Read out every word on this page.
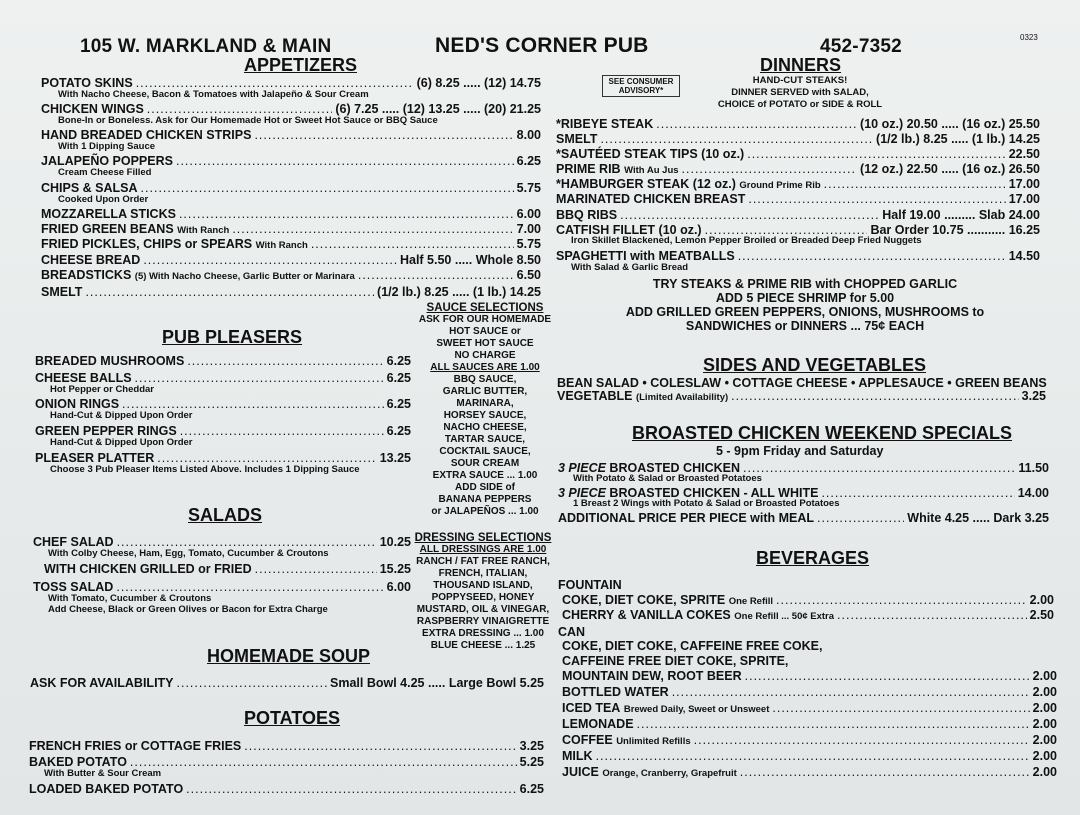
105 W. MARKLAND & MAIN	NED'S CORNER PUB	452-7352	0323
APPETIZERS
POTATO SKINS .....	(6) 8.25 ..... (12) 14.75
With Nacho Cheese, Bacon & Tomatoes with Jalapeño & Sour Cream
CHICKEN WINGS .....	(6) 7.25 ..... (12) 13.25 ..... (20) 21.25
Bone-In or Boneless. Ask for Our Homemade Hot or Sweet Hot Sauce or BBQ Sauce
HAND BREADED CHICKEN STRIPS .....	8.00
With 1 Dipping Sauce
JALAPEÑO POPPERS .....	6.25
Cream Cheese Filled
CHIPS & SALSA .....	5.75
Cooked Upon Order
MOZZARELLA STICKS .....	6.00
FRIED GREEN BEANS
With Ranch .....	7.00
FRIED PICKLES, CHIPS or SPEARS
With Ranch .....	5.75
CHEESE BREAD .....	Half 5.50 ..... Whole 8.50
BREADSTICKS
(5) With Nacho Cheese, Garlic Butter or Marinara .....	6.50
SMELT .....	(1/2 lb.) 8.25 ..... (1 lb.) 14.25
PUB PLEASERS
BREADED MUSHROOMS .....	6.25
CHEESE BALLS .....	6.25
Hot Pepper or Cheddar
ONION RINGS .....	6.25
Hand-Cut & Dipped Upon Order
GREEN PEPPER RINGS .....	6.25
Hand-Cut & Dipped Upon Order
PLEASER PLATTER .....	13.25
Choose 3 Pub Pleaser Items Listed Above. Includes 1 Dipping Sauce
SALADS
CHEF SALAD .....	10.25
With Colby Cheese, Ham, Egg, Tomato, Cucumber & Croutons
WITH CHICKEN GRILLED or FRIED .....	15.25
TOSS SALAD .....	6.00
With Tomato, Cucumber & Croutons
Add Cheese, Black or Green Olives or Bacon for Extra Charge
HOMEMADE SOUP
ASK FOR AVAILABILITY .....	Small Bowl 4.25 ..... Large Bowl 5.25
POTATOES
FRENCH FRIES or COTTAGE FRIES .....	3.25
BAKED POTATO .....	5.25
With Butter & Sour Cream
LOADED BAKED POTATO .....	6.25
SAUCE SELECTIONS
ASK FOR OUR HOMEMADE
HOT SAUCE or
SWEET HOT SAUCE
NO CHARGE
ALL SAUCES ARE 1.00
BBQ SAUCE,
GARLIC BUTTER,
MARINARA,
HORSEY SAUCE,
NACHO CHEESE,
TARTAR SAUCE,
COCKTAIL SAUCE,
SOUR CREAM
EXTRA SAUCE ... 1.00
ADD SIDE of
BANANA PEPPERS
or JALAPEÑOS ... 1.00
DRESSING SELECTIONS
ALL DRESSINGS ARE 1.00
RANCH / FAT FREE RANCH,
FRENCH, ITALIAN,
THOUSAND ISLAND,
POPPYSEED, HONEY
MUSTARD, OIL & VINEGAR,
RASPBERRY VINAIGRETTE
EXTRA DRESSING ... 1.00
BLUE CHEESE ... 1.25
DINNERS
SEE CONSUMER ADVISORY*
HAND-CUT STEAKS!
DINNER SERVED with SALAD,
CHOICE of POTATO or SIDE & ROLL
*RIBEYE STEAK .....	(10 oz.) 20.50 ..... (16 oz.) 25.50
SMELT .....	(1/2 lb.) 8.25 ..... (1 lb.) 14.25
*SAUTÉED STEAK TIPS (10 oz.) .....	22.50
PRIME RIB
With Au Jus .....	(12 oz.) 22.50 ..... (16 oz.) 26.50
*HAMBURGER STEAK (12 oz.)
Ground Prime Rib .....	17.00
MARINATED CHICKEN BREAST .....	17.00
BBQ RIBS .....	Half 19.00 ......... Slab 24.00
CATFISH FILLET (10 oz.) .....	Bar Order 10.75 ........... 16.25
Iron Skillet Blackened, Lemon Pepper Broiled or Breaded Deep Fried Nuggets
SPAGHETTI with MEATBALLS .....	14.50
With Salad & Garlic Bread
TRY STEAKS & PRIME RIB with CHOPPED GARLIC
ADD 5 PIECE SHRIMP for 5.00
ADD GRILLED GREEN PEPPERS, ONIONS, MUSHROOMS to
SANDWICHES or DINNERS ... 75¢ EACH
SIDES AND VEGETABLES
BEAN SALAD • COLESLAW • COTTAGE CHEESE • APPLESAUCE • GREEN BEANS
VEGETABLE
(Limited Availability) .....	3.25
BROASTED CHICKEN WEEKEND SPECIALS
5 - 9pm Friday and Saturday
3 PIECE
BROASTED CHICKEN .....	11.50
With Potato & Salad or Broasted Potatoes
3 PIECE
BROASTED CHICKEN - ALL WHITE .....	14.00
1 Breast 2 Wings with Potato & Salad or Broasted Potatoes
ADDITIONAL PRICE PER PIECE with MEAL .....	White 4.25 ..... Dark 3.25
BEVERAGES
FOUNTAIN
COKE, DIET COKE, SPRITE
One Refill .....	2.00
CHERRY & VANILLA COKES
One Refill ... 50¢ Extra .....	2.50
CAN
COKE, DIET COKE, CAFFEINE FREE COKE,
CAFFEINE FREE DIET COKE, SPRITE,
MOUNTAIN DEW, ROOT BEER .....	2.00
BOTTLED WATER .....	2.00
ICED TEA
Brewed Daily, Sweet or Unsweet .....	2.00
LEMONADE .....	2.00
COFFEE
Unlimited Refills .....	2.00
MILK .....	2.00
JUICE
Orange, Cranberry, Grapefruit .....	2.00
